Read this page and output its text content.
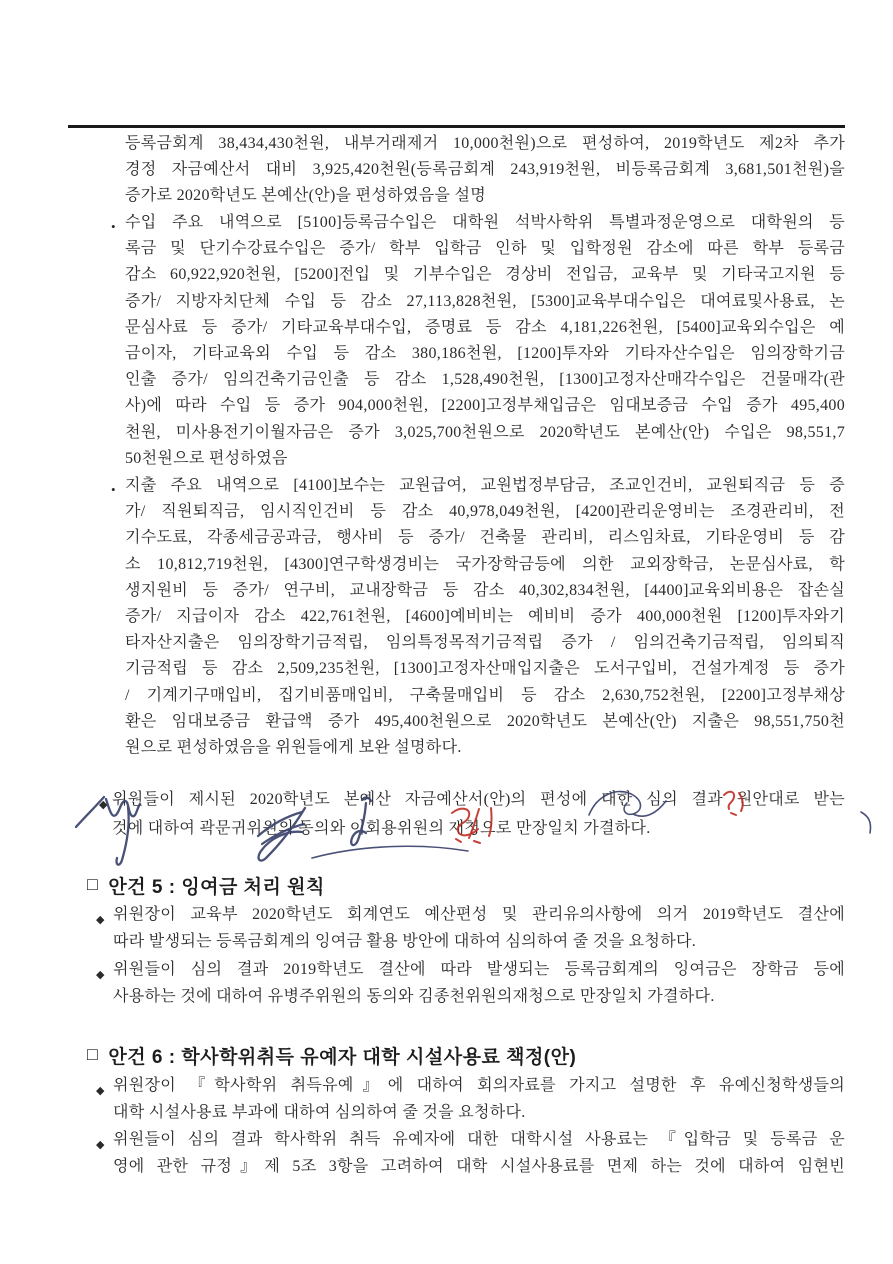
등록금회계 38,434,430천원, 내부거래제거 10,000천원)으로 편성하여, 2019학년도 제2차 추가
경정 자금예산서 대비 3,925,420천원(등록금회계 243,919천원, 비등록금회계 3,681,501천원)을
증가로 2020학년도 본예산(안)을 편성하였음을 설명
• 수입 주요 내역으로 [5100]등록금수입은 대학원 석박사학위 특별과정운영으로 대학원의 등
록금 및 단기수강료수입은 증가/ 학부 입학금 인하 및 입학정원 감소에 따른 학부 등록금
감소 60,922,920천원, [5200]전입 및 기부수입은 경상비 전입금, 교육부 및 기타국고지원 등
증가/ 지방자치단체 수입 등 감소 27,113,828천원, [5300]교육부대수입은 대여료및사용료, 논
문심사료 등 증가/ 기타교육부대수입, 증명료 등 감소 4,181,226천원, [5400]교육외수입은 예
금이자, 기타교육외 수입 등 감소 380,186천원, [1200]투자와 기타자산수입은 임의장학기금
인출 증가/ 임의건축기금인출 등 감소 1,528,490천원, [1300]고정자산매각수입은 건물매각(관
사)에 따라 수입 등 증가 904,000천원, [2200]고정부채입금은 임대보증금 수입 증가 495,400
천원, 미사용전기이월자금은 증가 3,025,700천원으로 2020학년도 본예산(안) 수입은 98,551,7
50천원으로 편성하였음
• 지출 주요 내역으로 [4100]보수는 교원급여, 교원법정부담금, 조교인건비, 교원퇴직금 등 증
가/ 직원퇴직금, 임시직인건비 등 감소 40,978,049천원, [4200]관리운영비는 조경관리비, 전
기수도료, 각종세금공과금, 행사비 등 증가/ 건축물 관리비, 리스임차료, 기타운영비 등 감
소 10,812,719천원, [4300]연구학생경비는 국가장학금등에 의한 교외장학금, 논문심사료, 학
생지원비 등 증가/ 연구비, 교내장학금 등 감소 40,302,834천원, [4400]교육외비용은 잡손실
증가/ 지급이자 감소 422,761천원, [4600]예비비는 예비비 증가 400,000천원 [1200]투자와기
타자산지출은 임의장학기금적립, 임의특정목적기금적립 증가 / 임의건축기금적립, 임의퇴직
기금적립 등 감소 2,509,235천원, [1300]고정자산매입지출은 도서구입비, 건설가계정 등 증가
/ 기계기구매입비, 집기비품매입비, 구축물매입비 등 감소 2,630,752천원, [2200]고정부채상
환은 임대보증금 환급액 증가 495,400천원으로 2020학년도 본예산(안) 지출은 98,551,750천
원으로 편성하였음을 위원들에게 보완 설명하다.
◆ 위원들이 제시된 2020학년도 본예산 자금예산서(안)의 편성에 대한 심의 결과 원안대로 받는
것에 대하여 곽문귀위원의 동의와 이회용위원의 재청으로 만장일치 가결하다.
□ 안건 5 : 잉여금 처리 원칙
◆ 위원장이 교육부 2020학년도 회계연도 예산편성 및 관리유의사항에 의거 2019학년도 결산에
따라 발생되는 등록금회계의 잉여금 활용 방안에 대하여 심의하여 줄 것을 요청하다.
◆ 위원들이 심의 결과 2019학년도 결산에 따라 발생되는 등록금회계의 잉여금은 장학금 등에
사용하는 것에 대하여 유병주위원의 동의와 김종천위원의재청으로 만장일치 가결하다.
□ 안건 6 : 학사학위취득 유예자 대학 시설사용료 책정(안)
◆ 위원장이 『학사학위 취득유예』에 대하여 회의자료를 가지고 설명한 후 유예신청학생들의
대학 시설사용료 부과에 대하여 심의하여 줄 것을 요청하다.
◆ 위원들이 심의 결과 학사학위 취득 유예자에 대한 대학시설 사용료는 『입학금 및 등록금 운
영에 관한 규정』제 5조 3항을 고려하여 대학 시설사용료를 면제 하는 것에 대하여 임현빈
